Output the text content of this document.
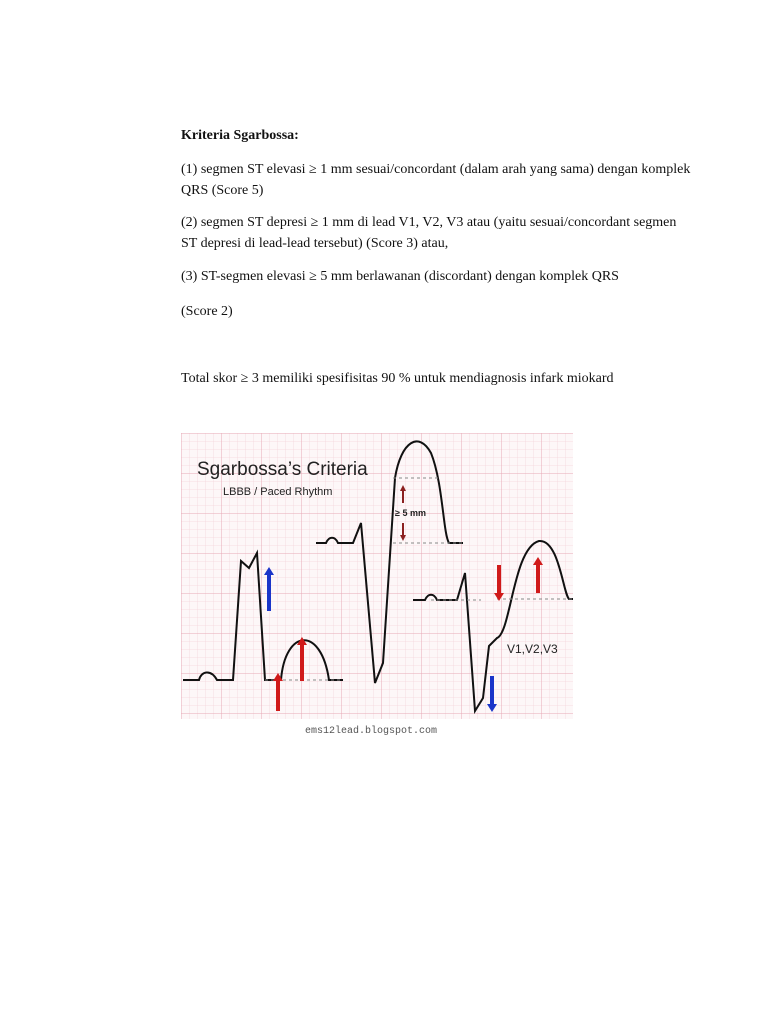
Kriteria Sgarbossa:

(1) segmen ST elevasi ≥ 1 mm sesuai/concordant (dalam arah yang sama) dengan komplek QRS (Score 5)

(2) segmen ST depresi ≥ 1 mm di lead V1, V2, V3 atau (yaitu sesuai/concordant segmen ST depresi di lead-lead tersebut) (Score 3) atau,

(3) ST-segmen elevasi ≥ 5 mm berlawanan (discordant) dengan komplek QRS

(Score 2)

Total skor ≥ 3 memiliki spesifisitas 90 % untuk mendiagnosis infark miokard

Sgarbossa’s Criteria
LBBB / Paced Rhythm
≥ 5 mm
V1,V2,V3
ems12lead.blogspot.com
